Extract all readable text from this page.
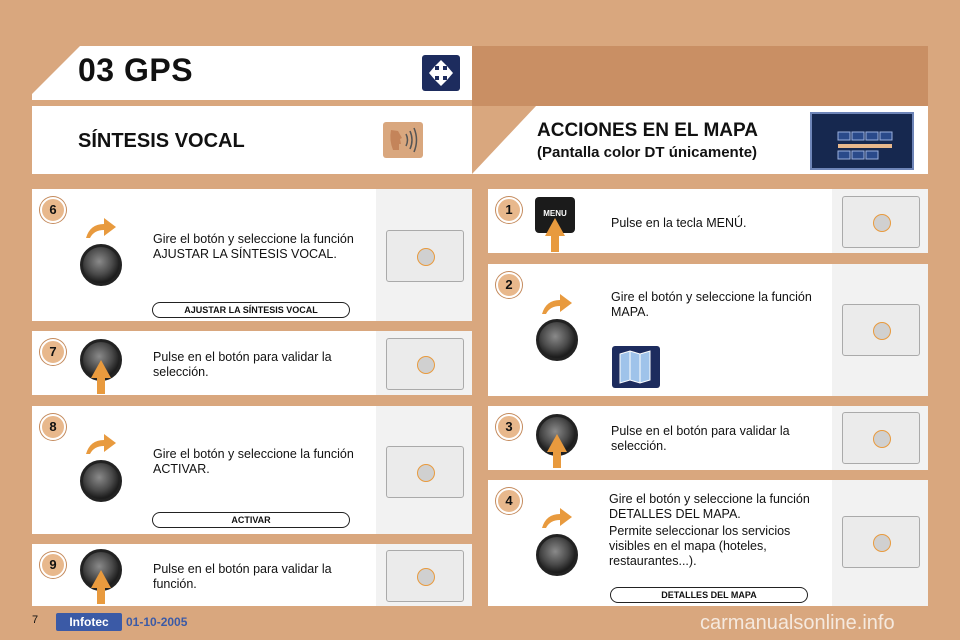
03 GPS
SÍNTESIS VOCAL	ACCIONES EN EL MAPA
(Pantalla color DT únicamente)
6
Gire el botón y seleccione la función AJUSTAR LA SÍNTESIS VOCAL.
AJUSTAR LA SÍNTESIS VOCAL
7	Pulse en el botón para validar la selección.
8
Gire el botón y seleccione la función ACTIVAR.
ACTIVAR
9	Pulse en el botón para validar la función.
1	MENU
Pulse en la tecla MENÚ.
2
Gire el botón y seleccione la función MAPA.
3	Pulse en el botón para validar la selección.
4	Gire el botón y seleccione la función DETALLES DEL MAPA.
Permite seleccionar los servicios visibles en el mapa (hoteles, restaurantes...).
DETALLES DEL MAPA
7	Infotec	01-10-2005	carmanualsonline.info
